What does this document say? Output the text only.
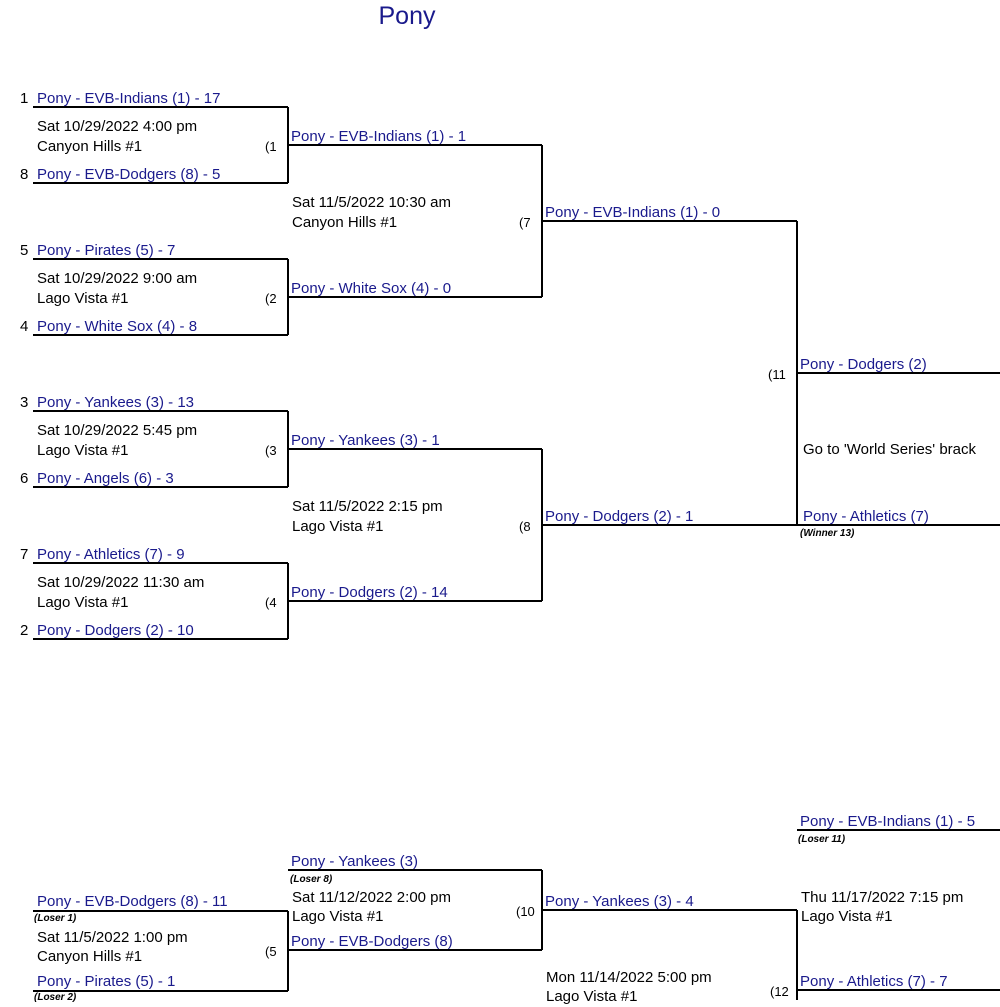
Pony
1
8
5
4
3
6
7
2
Pony - EVB-Indians (1) - 17
Sat 10/29/2022 4:00 pm
Canyon Hills #1	(1
Pony - EVB-Dodgers (8) - 5
Pony - Pirates (5) - 7
Sat 10/29/2022 9:00 am
Lago Vista #1	(2
Pony - White Sox (4) - 8
Pony - Yankees (3) - 13
Sat 10/29/2022 5:45 pm
Lago Vista #1	(3
Pony - Angels (6) - 3
Pony - Athletics (7) - 9
Sat 10/29/2022 11:30 am
Lago Vista #1	(4
Pony - Dodgers (2) - 10
Pony - EVB-Indians (1) - 1
Sat 11/5/2022 10:30 am
Canyon Hills #1	(7
Pony - White Sox (4) - 0
Pony - Yankees (3) - 1
Sat 11/5/2022 2:15 pm
Lago Vista #1	(8
Pony - Dodgers (2) - 14
Pony - EVB-Indians (1) - 0
(11
Pony - Dodgers (2) - 1
Pony - Dodgers (2)
Go to 'World Series' brack
Pony - Athletics (7)
(Winner 13)
Pony - EVB-Dodgers (8) - 11
(Loser 1)
Sat 11/5/2022 1:00 pm
Canyon Hills #1	(5
Pony - Pirates (5) - 1
(Loser 2)
Pony - Yankees (3)
(Loser 8)
Sat 11/12/2022 2:00 pm
Lago Vista #1	(10
Pony - EVB-Dodgers (8)
Pony - Yankees (3) - 4
Mon 11/14/2022 5:00 pm
Lago Vista #1	(12
Pony - EVB-Indians (1) - 5
(Loser 11)
Thu 11/17/2022 7:15 pm
Lago Vista #1
Pony - Athletics (7) - 7
